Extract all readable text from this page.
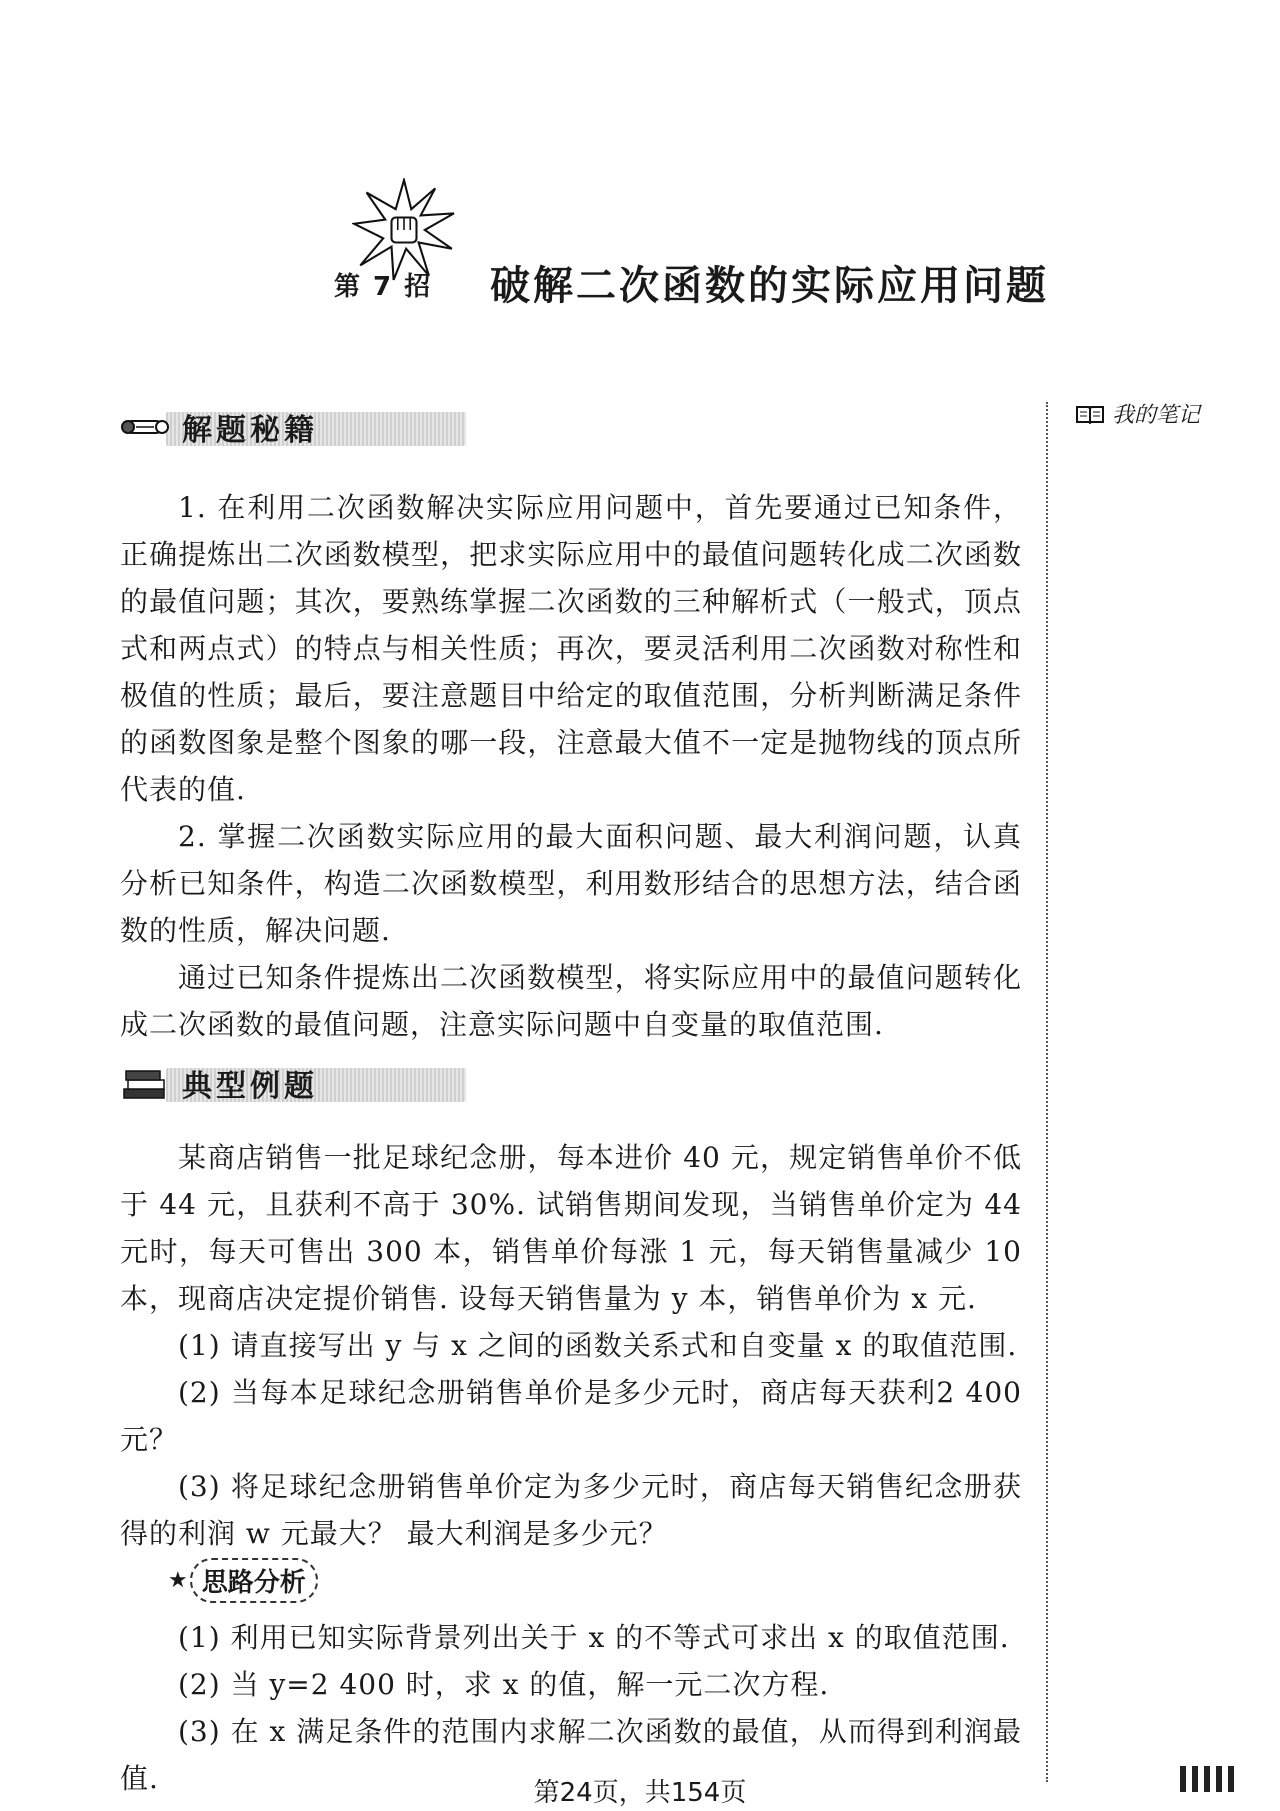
第 7 招 破解二次函数的实际应用问题
我的笔记
解题秘籍

1. 在利用二次函数解决实际应用问题中，首先要通过已知条件，正确提炼出二次函数模型，把求实际应用中的最值问题转化成二次函数的最值问题；其次，要熟练掌握二次函数的三种解析式（一般式，顶点式和两点式）的特点与相关性质；再次，要灵活利用二次函数对称性和极值的性质；最后，要注意题目中给定的取值范围，分析判断满足条件的函数图象是整个图象的哪一段，注意最大值不一定是抛物线的顶点所代表的值.

2. 掌握二次函数实际应用的最大面积问题、最大利润问题，认真分析已知条件，构造二次函数模型，利用数形结合的思想方法，结合函数的性质，解决问题.

通过已知条件提炼出二次函数模型，将实际应用中的最值问题转化成二次函数的最值问题，注意实际问题中自变量的取值范围.

典型例题

某商店销售一批足球纪念册，每本进价 40 元，规定销售单价不低于 44 元，且获利不高于 30%. 试销售期间发现，当销售单价定为 44 元时，每天可售出 300 本，销售单价每涨 1 元，每天销售量减少 10 本，现商店决定提价销售. 设每天销售量为 y 本，销售单价为 x 元.

(1) 请直接写出 y 与 x 之间的函数关系式和自变量 x 的取值范围.

(2) 当每本足球纪念册销售单价是多少元时，商店每天获利2 400元？

(3) 将足球纪念册销售单价定为多少元时，商店每天销售纪念册获得的利润 w 元最大？ 最大利润是多少元？

★ 思路分析

(1) 利用已知实际背景列出关于 x 的不等式可求出 x 的取值范围.

(2) 当 y=2 400 时，求 x 的值，解一元二次方程.

(3) 在 x 满足条件的范围内求解二次函数的最值，从而得到利润最值.	第24页，共154页
